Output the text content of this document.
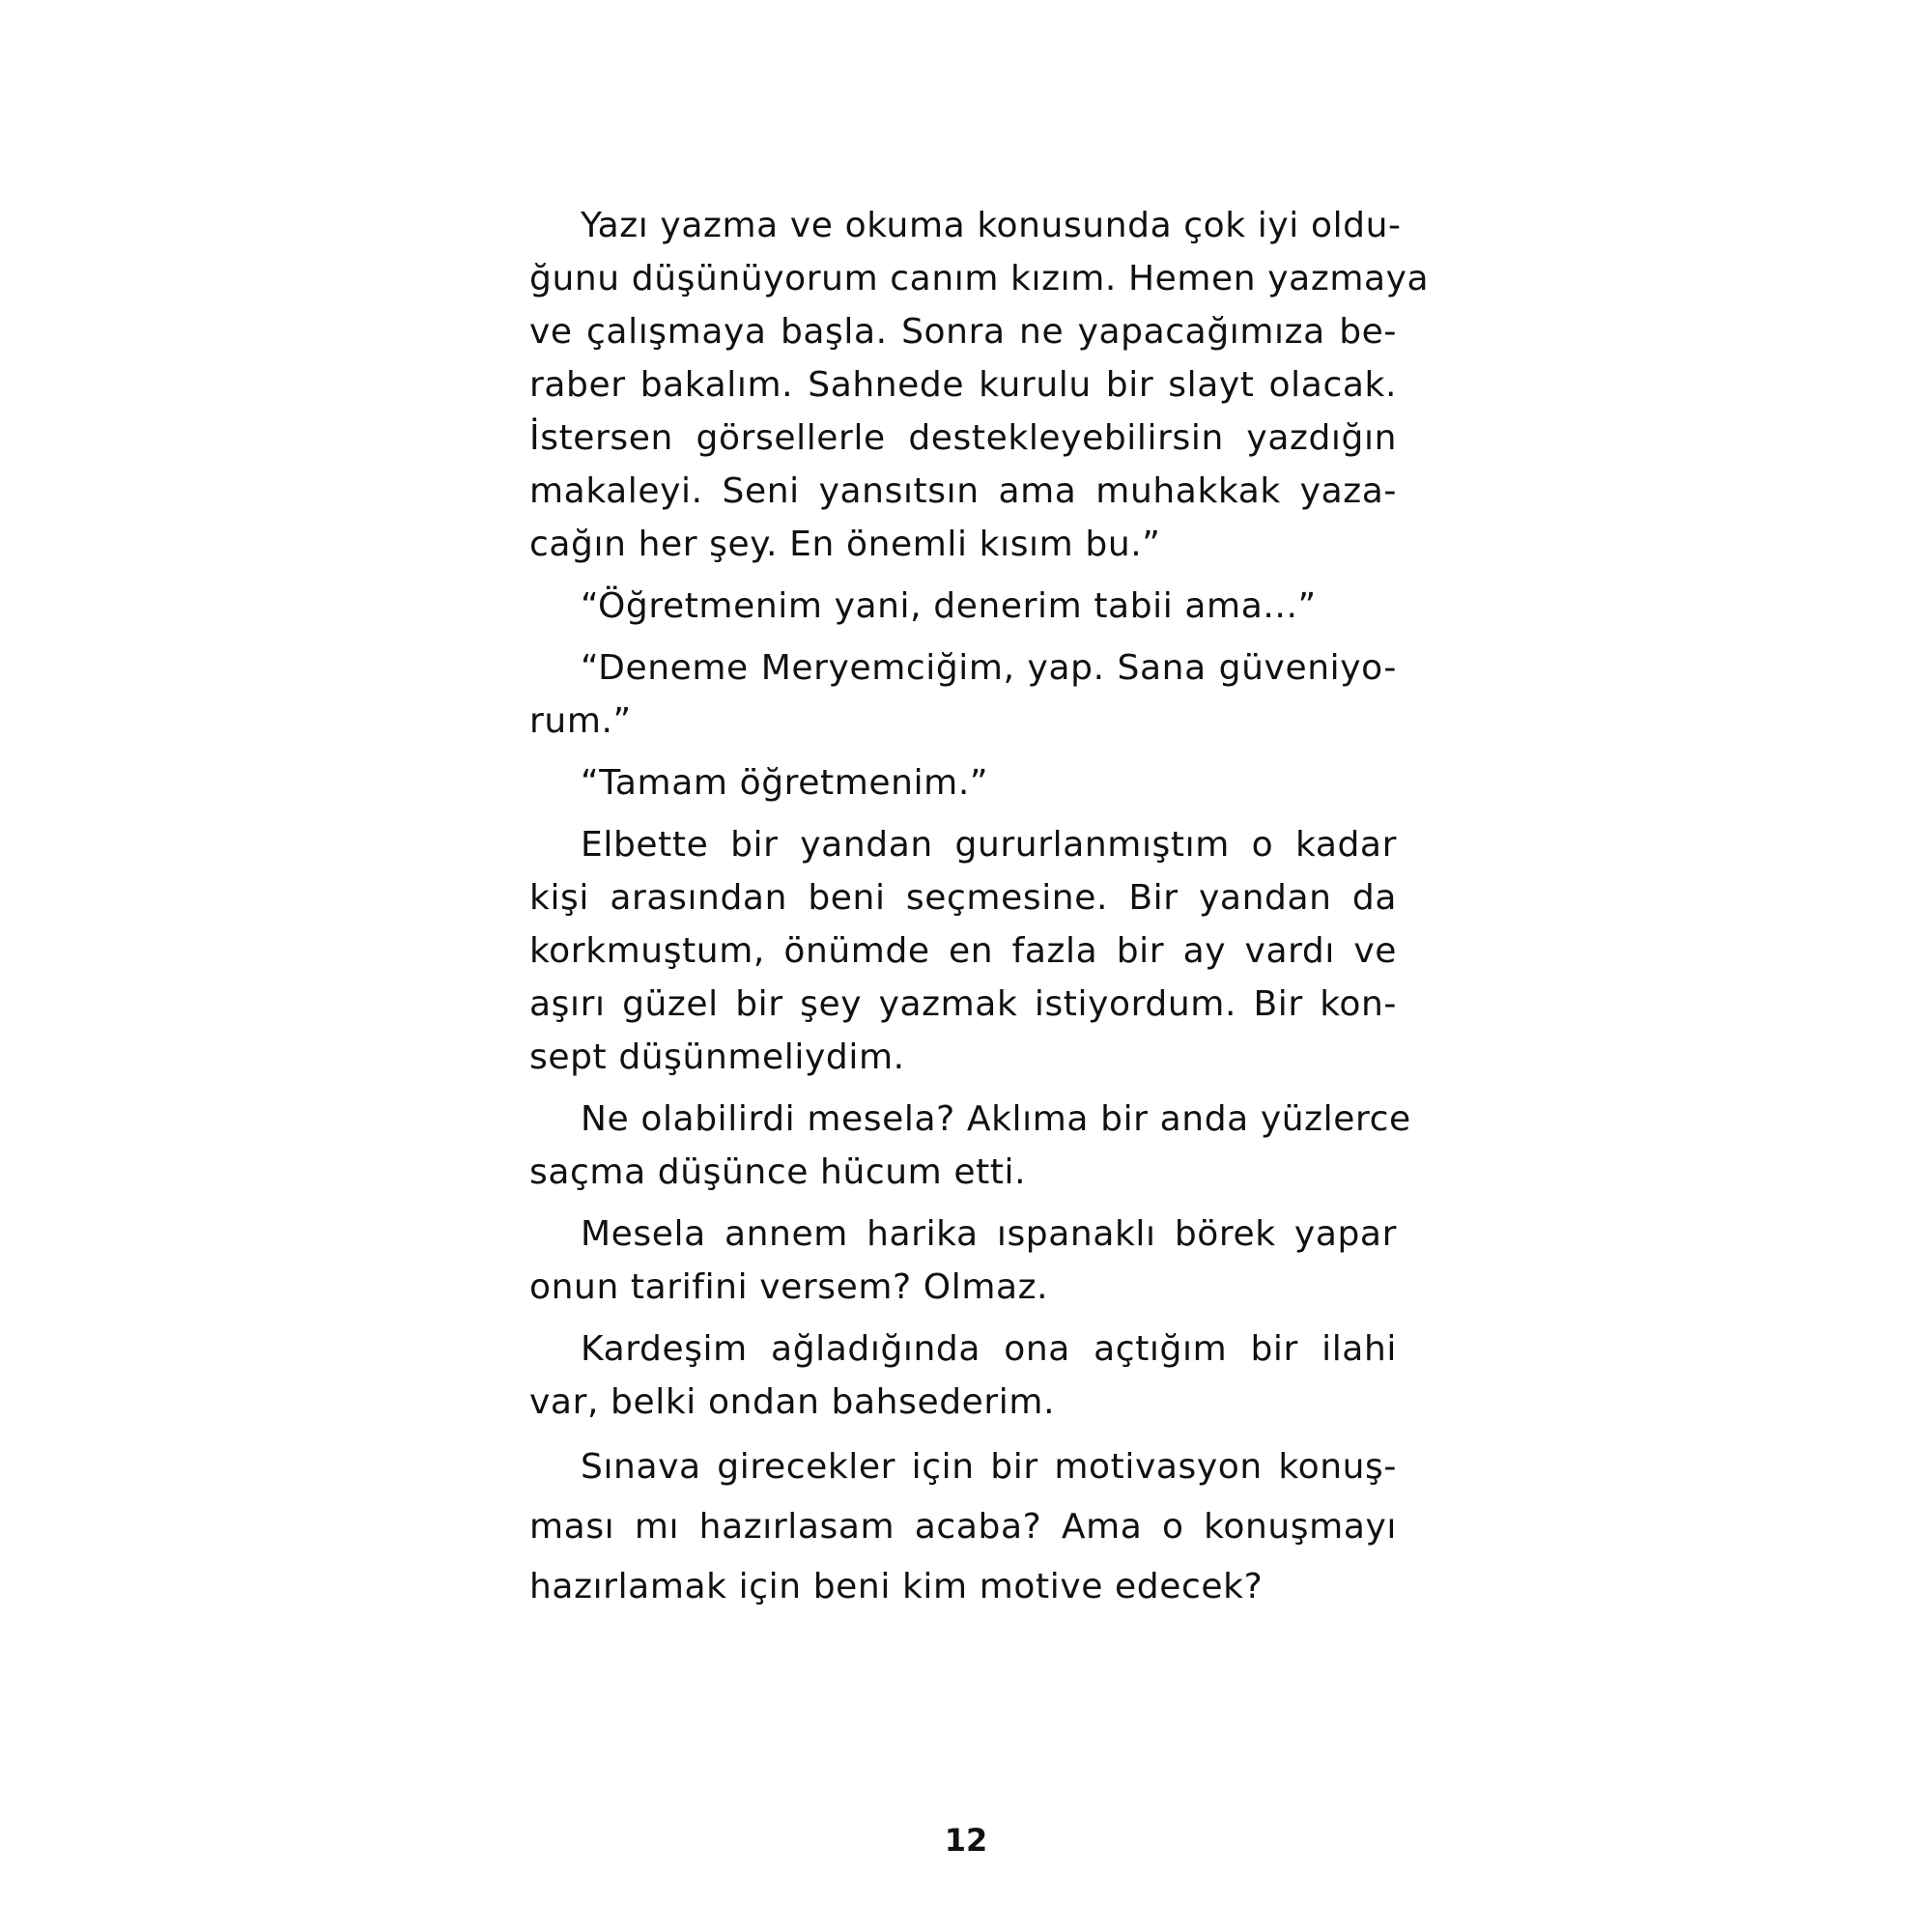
Yazı yazma ve okuma konusunda çok iyi oldu-
ğunu düşünüyorum canım kızım. Hemen yazmaya
ve çalışmaya başla. Sonra ne yapacağımıza be-
raber bakalım. Sahnede kurulu bir slayt olacak.
İstersen görsellerle destekleyebilirsin yazdığın
makaleyi. Seni yansıtsın ama muhakkak yaza-
cağın her şey. En önemli kısım bu.”
“Öğretmenim yani, denerim tabii ama...”
“Deneme Meryemciğim, yap. Sana güveniyo-
rum.”
“Tamam öğretmenim.”
Elbette bir yandan gururlanmıştım o kadar
kişi arasından beni seçmesine. Bir yandan da
korkmuştum, önümde en fazla bir ay vardı ve
aşırı güzel bir şey yazmak istiyordum. Bir kon-
sept düşünmeliydim.
Ne olabilirdi mesela? Aklıma bir anda yüzlerce
saçma düşünce hücum etti.
Mesela annem harika ıspanaklı börek yapar
onun tarifini versem? Olmaz.
Kardeşim ağladığında ona açtığım bir ilahi
var, belki ondan bahsederim.
Sınava girecekler için bir motivasyon konuş-
ması mı hazırlasam acaba? Ama o konuşmayı
hazırlamak için beni kim motive edecek?
12
